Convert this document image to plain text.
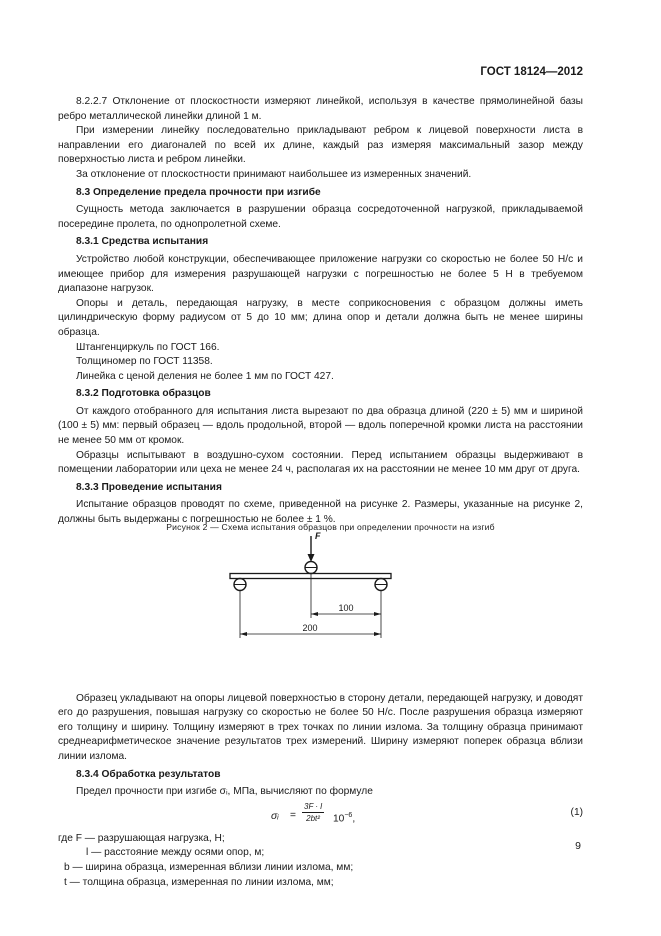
ГОСТ 18124—2012

8.2.2.7 Отклонение от плоскостности измеряют линейкой, используя в качестве прямолинейной базы ребро металлической линейки длиной 1 м.

При измерении линейку последовательно прикладывают ребром к лицевой поверхности листа в направлении его диагоналей по всей их длине, каждый раз измеряя максимальный зазор между поверхностью листа и ребром линейки.

За отклонение от плоскостности принимают наибольшее из измеренных значений.

8.3 Определение предела прочности при изгибе

Сущность метода заключается в разрушении образца сосредоточенной нагрузкой, прикладываемой посередине пролета, по однопролетной схеме.

8.3.1 Средства испытания

Устройство любой конструкции, обеспечивающее приложение нагрузки со скоростью не более 50 Н/с и имеющее прибор для измерения разрушающей нагрузки с погрешностью не более 5 Н в требуемом диапазоне нагрузок.

Опоры и деталь, передающая нагрузку, в месте соприкосновения с образцом должны иметь цилиндрическую форму радиусом от 5 до 10 мм; длина опор и детали должна быть не менее ширины образца.

Штангенциркуль по ГОСТ 166.

Толщиномер по ГОСТ 11358.

Линейка с ценой деления не более 1 мм по ГОСТ 427.

8.3.2 Подготовка образцов

От каждого отобранного для испытания листа вырезают по два образца длиной (220 ± 5) мм и шириной (100 ± 5) мм: первый образец — вдоль продольной, второй — вдоль поперечной кромки листа на расстоянии не менее 50 мм от кромок.

Образцы испытывают в воздушно-сухом состоянии. Перед испытанием образцы выдерживают в помещении лаборатории или цеха не менее 24 ч, располагая их на расстоянии не менее 10 мм друг от друга.

8.3.3 Проведение испытания

Испытание образцов проводят по схеме, приведенной на рисунке 2. Размеры, указанные на рисунке 2, должны быть выдержаны с погрешностью не более ± 1 %.

F
100
200

Образец укладывают на опоры лицевой поверхностью в сторону детали, передающей нагрузку, и доводят его до разрушения, повышая нагрузку со скоростью не более 50 Н/с. После разрушения образца измеряют его толщину и ширину. Толщину измеряют в трех точках по линии излома. За толщину образца принимают среднеарифметическое значение результатов трех измерений. Ширину измеряют поперек образца вблизи линии излома.

8.3.4 Обработка результатов

Предел прочности при изгибе σᵢ, МПа, вычисляют по формуле

σᵢ = $\frac{3F \cdot l}{\text{2bt²}} 10^{-6}$,
(1)

где F — разрушающая нагрузка, Н;

l — расстояние между осями опор, м;

b — ширина образца, измеренная вблизи линии излома, мм;

t — толщина образца, измеренная по линии излома, мм;

Рисунок 2 — Схема испытания образцов при определении прочности на изгиб
9
